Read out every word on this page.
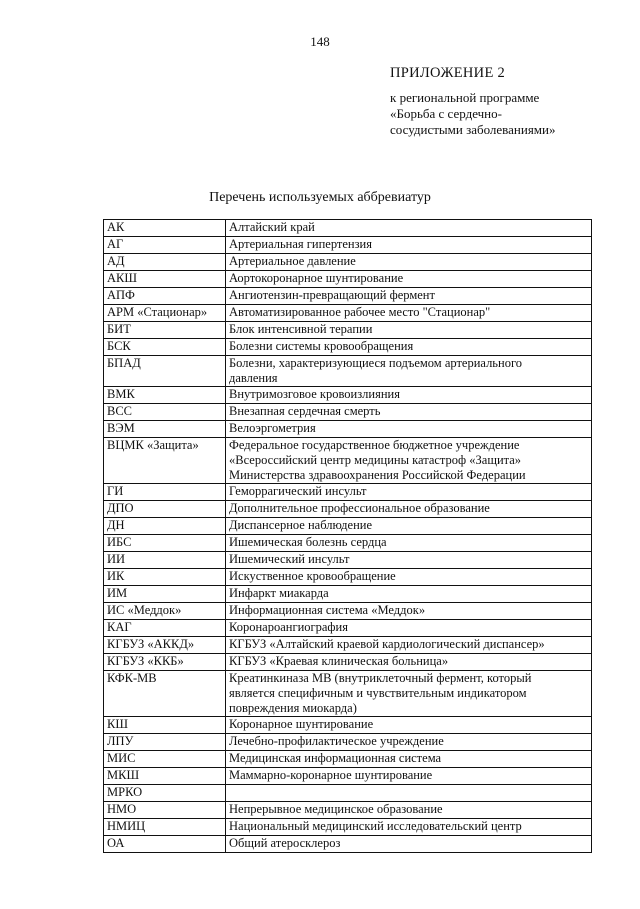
148
ПРИЛОЖЕНИЕ 2
к региональной программе
«Борьба с сердечно-
сосудистыми заболеваниями»
Перечень используемых аббревиатур
АК	Алтайский край

АГ	Артериальная гипертензия

АД	Артериальное давление

АКШ	Аортокоронарное шунтирование

АПФ	Ангиотензин-превращающий фермент

АРМ «Стационар»	Автоматизированное рабочее место "Стационар"

БИТ	Блок интенсивной терапии

БСК	Болезни системы кровообращения

БПАД	Болезни, характеризующиеся подъемом артериального
давления

ВМК	Внутримозговое кровоизлияния

ВСС	Внезапная сердечная смерть

ВЭМ	Велоэргометрия

ВЦМК «Защита»	Федеральное государственное бюджетное учреждение
«Всероссийский центр медицины катастроф «Защита»
Министерства здравоохранения Российской Федерации

ГИ	Геморрагический инсульт

ДПО	Дополнительное профессиональное образование

ДН	Диспансерное наблюдение

ИБС	Ишемическая болезнь сердца

ИИ	Ишемический инсульт

ИК	Искуственное кровообращение

ИМ	Инфаркт миакарда

ИС «Меддок»	Информационная система «Меддок»

КАГ	Коронароангиография

КГБУЗ «АККД»	КГБУЗ «Алтайский краевой кардиологический диспансер»

КГБУЗ «ККБ»	КГБУЗ «Краевая клиническая больница»

КФК-МВ	Креатинкиназа МВ (внутриклеточный фермент, который
является специфичным и чувствительным индикатором
повреждения миокарда)

КШ	Коронарное шунтирование

ЛПУ	Лечебно-профилактическое учреждение

МИС	Медицинская информационная система

МКШ	Маммарно-коронарное шунтирование

МРКО	

НМО	Непрерывное медицинское образование

НМИЦ	Национальный медицинский исследовательский центр

ОА	Общий атеросклероз
